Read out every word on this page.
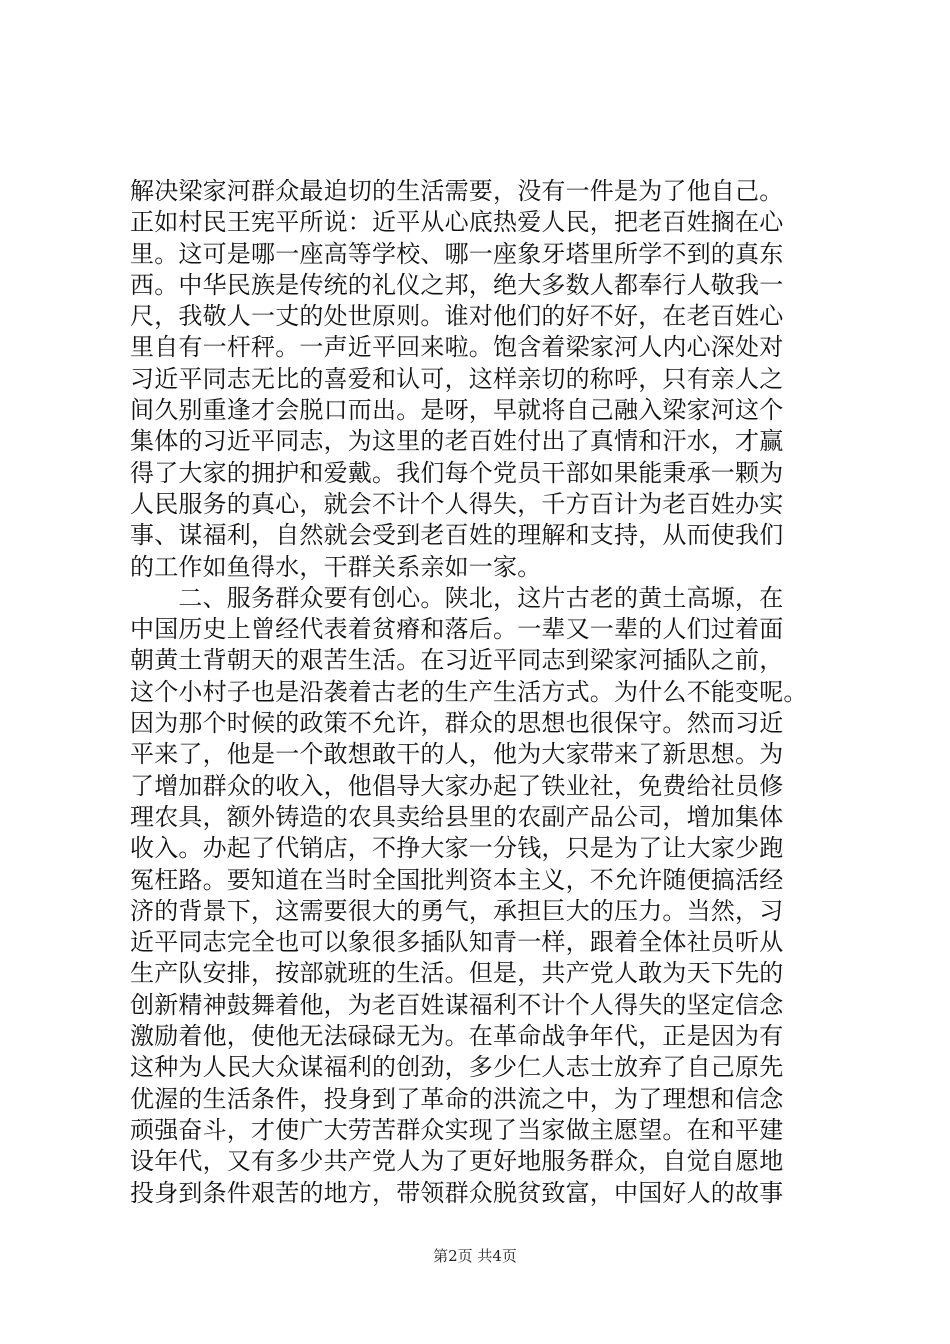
解决梁家河群众最迫切的生活需要，没有一件是为了他自己。
正如村民王宪平所说：近平从心底热爱人民，把老百姓搁在心
里。这可是哪一座高等学校、哪一座象牙塔里所学不到的真东
西。中华民族是传统的礼仪之邦，绝大多数人都奉行人敬我一
尺，我敬人一丈的处世原则。谁对他们的好不好，在老百姓心
里自有一杆秤。一声近平回来啦。饱含着梁家河人内心深处对
习近平同志无比的喜爱和认可，这样亲切的称呼，只有亲人之
间久别重逢才会脱口而出。是呀，早就将自己融入梁家河这个
集体的习近平同志，为这里的老百姓付出了真情和汗水，才赢
得了大家的拥护和爱戴。我们每个党员干部如果能秉承一颗为
人民服务的真心，就会不计个人得失，千方百计为老百姓办实
事、谋福利，自然就会受到老百姓的理解和支持，从而使我们
的工作如鱼得水，干群关系亲如一家。
　　二、服务群众要有创心。陕北，这片古老的黄土高塬，在
中国历史上曾经代表着贫瘠和落后。一辈又一辈的人们过着面
朝黄土背朝天的艰苦生活。在习近平同志到梁家河插队之前，
这个小村子也是沿袭着古老的生产生活方式。为什么不能变呢。
因为那个时候的政策不允许，群众的思想也很保守。然而习近
平来了，他是一个敢想敢干的人，他为大家带来了新思想。为
了增加群众的收入，他倡导大家办起了铁业社，免费给社员修
理农具，额外铸造的农具卖给县里的农副产品公司，增加集体
收入。办起了代销店，不挣大家一分钱，只是为了让大家少跑
冤枉路。要知道在当时全国批判资本主义，不允许随便搞活经
济的背景下，这需要很大的勇气，承担巨大的压力。当然，习
近平同志完全也可以象很多插队知青一样，跟着全体社员听从
生产队安排，按部就班的生活。但是，共产党人敢为天下先的
创新精神鼓舞着他，为老百姓谋福利不计个人得失的坚定信念
激励着他，使他无法碌碌无为。在革命战争年代，正是因为有
这种为人民大众谋福利的创劲，多少仁人志士放弃了自己原先
优渥的生活条件，投身到了革命的洪流之中，为了理想和信念
顽强奋斗，才使广大劳苦群众实现了当家做主愿望。在和平建
设年代，又有多少共产党人为了更好地服务群众，自觉自愿地
投身到条件艰苦的地方，带领群众脱贫致富，中国好人的故事
第2页 共4页
